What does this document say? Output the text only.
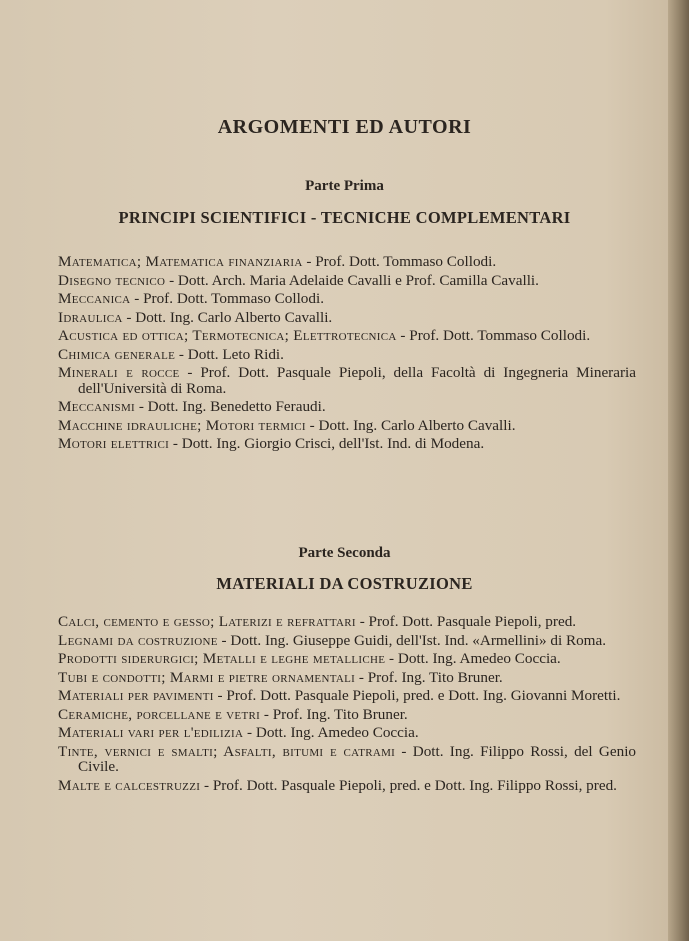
ARGOMENTI ED AUTORI
Parte Prima
PRINCIPI SCIENTIFICI - TECNICHE COMPLEMENTARI
Matematica; Matematica finanziaria - Prof. Dott. Tommaso Collodi.
Disegno tecnico - Dott. Arch. Maria Adelaide Cavalli e Prof. Camilla Cavalli.
Meccanica - Prof. Dott. Tommaso Collodi.
Idraulica - Dott. Ing. Carlo Alberto Cavalli.
Acustica ed ottica; Termotecnica; Elettrotecnica - Prof. Dott. Tommaso Collodi.
Chimica generale - Dott. Leto Ridi.
Minerali e rocce - Prof. Dott. Pasquale Piepoli, della Facoltà di Ingegneria Mineraria dell'Università di Roma.
Meccanismi - Dott. Ing. Benedetto Feraudi.
Macchine idrauliche; Motori termici - Dott. Ing. Carlo Alberto Cavalli.
Motori elettrici - Dott. Ing. Giorgio Crisci, dell'Ist. Ind. di Modena.
Parte Seconda
MATERIALI DA COSTRUZIONE
Calci, cemento e gesso; Laterizi e refrattari - Prof. Dott. Pasquale Piepoli, pred.
Legnami da costruzione - Dott. Ing. Giuseppe Guidi, dell'Ist. Ind. «Armellini» di Roma.
Prodotti siderurgici; Metalli e leghe metalliche - Dott. Ing. Amedeo Coccia.
Tubi e condotti; Marmi e pietre ornamentali - Prof. Ing. Tito Bruner.
Materiali per pavimenti - Prof. Dott. Pasquale Piepoli, pred. e Dott. Ing. Giovanni Moretti.
Ceramiche, porcellane e vetri - Prof. Ing. Tito Bruner.
Materiali vari per l'edilizia - Dott. Ing. Amedeo Coccia.
Tinte, vernici e smalti; Asfalti, bitumi e catrami - Dott. Ing. Filippo Rossi, del Genio Civile.
Malte e calcestruzzi - Prof. Dott. Pasquale Piepoli, pred. e Dott. Ing. Filippo Rossi, pred.
